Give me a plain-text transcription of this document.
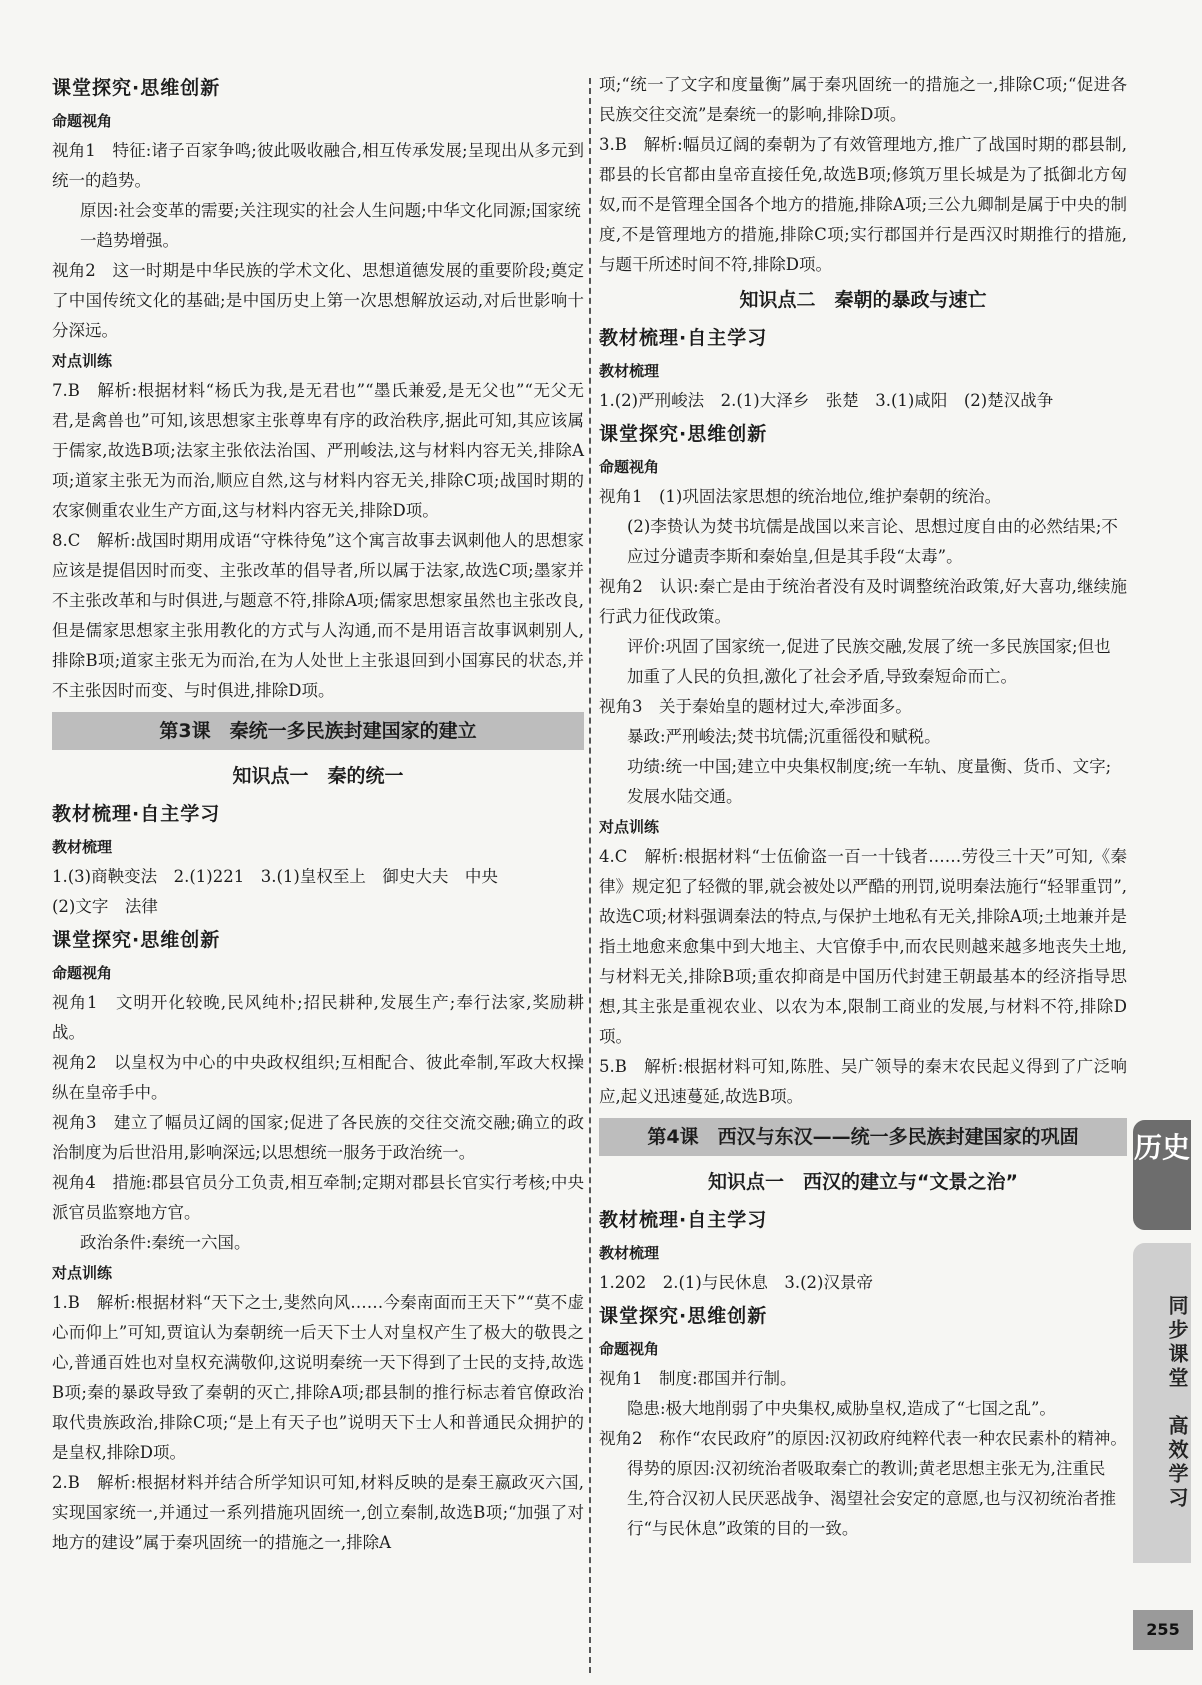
课堂探究·思维创新
命题视角
视角1　特征:诸子百家争鸣;彼此吸收融合,相互传承发展;呈现出从多元到统一的趋势。
原因:社会变革的需要;关注现实的社会人生问题;中华文化同源;国家统一趋势增强。
视角2　这一时期是中华民族的学术文化、思想道德发展的重要阶段;奠定了中国传统文化的基础;是中国历史上第一次思想解放运动,对后世影响十分深远。
对点训练
7.B　解析:根据材料“杨氏为我,是无君也”“墨氏兼爱,是无父也”“无父无君,是禽兽也”可知,该思想家主张尊卑有序的政治秩序,据此可知,其应该属于儒家,故选B项;法家主张依法治国、严刑峻法,这与材料内容无关,排除A项;道家主张无为而治,顺应自然,这与材料内容无关,排除C项;战国时期的农家侧重农业生产方面,这与材料内容无关,排除D项。
8.C　解析:战国时期用成语“守株待兔”这个寓言故事去讽刺他人的思想家应该是提倡因时而变、主张改革的倡导者,所以属于法家,故选C项;墨家并不主张改革和与时俱进,与题意不符,排除A项;儒家思想家虽然也主张改良,但是儒家思想家主张用教化的方式与人沟通,而不是用语言故事讽刺别人,排除B项;道家主张无为而治,在为人处世上主张退回到小国寡民的状态,并不主张因时而变、与时俱进,排除D项。
第3课　秦统一多民族封建国家的建立
知识点一　秦的统一
教材梳理·自主学习
教材梳理
1.(3)商鞅变法　2.(1)221　3.(1)皇权至上　御史大夫　中央
(2)文字　法律
课堂探究·思维创新
命题视角
视角1　文明开化较晚,民风纯朴;招民耕种,发展生产;奉行法家,奖励耕战。
视角2　以皇权为中心的中央政权组织;互相配合、彼此牵制,军政大权操纵在皇帝手中。
视角3　建立了幅员辽阔的国家;促进了各民族的交往交流交融;确立的政治制度为后世沿用,影响深远;以思想统一服务于政治统一。
视角4　措施:郡县官员分工负责,相互牵制;定期对郡县长官实行考核;中央派官员监察地方官。
政治条件:秦统一六国。
对点训练
1.B　解析:根据材料“天下之士,斐然向风……今秦南面而王天下”“莫不虚心而仰上”可知,贾谊认为秦朝统一后天下士人对皇权产生了极大的敬畏之心,普通百姓也对皇权充满敬仰,这说明秦统一天下得到了士民的支持,故选B项;秦的暴政导致了秦朝的灭亡,排除A项;郡县制的推行标志着官僚政治取代贵族政治,排除C项;“是上有天子也”说明天下士人和普通民众拥护的是皇权,排除D项。
2.B　解析:根据材料并结合所学知识可知,材料反映的是秦王嬴政灭六国,实现国家统一,并通过一系列措施巩固统一,创立秦制,故选B项;“加强了对地方的建设”属于秦巩固统一的措施之一,排除A
项;“统一了文字和度量衡”属于秦巩固统一的措施之一,排除C项;“促进各民族交往交流”是秦统一的影响,排除D项。
3.B　解析:幅员辽阔的秦朝为了有效管理地方,推广了战国时期的郡县制,郡县的长官都由皇帝直接任免,故选B项;修筑万里长城是为了抵御北方匈奴,而不是管理全国各个地方的措施,排除A项;三公九卿制是属于中央的制度,不是管理地方的措施,排除C项;实行郡国并行是西汉时期推行的措施,与题干所述时间不符,排除D项。
知识点二　秦朝的暴政与速亡
教材梳理·自主学习
教材梳理
1.(2)严刑峻法　2.(1)大泽乡　张楚　3.(1)咸阳　(2)楚汉战争
课堂探究·思维创新
命题视角
视角1　(1)巩固法家思想的统治地位,维护秦朝的统治。
(2)李贽认为焚书坑儒是战国以来言论、思想过度自由的必然结果;不应过分谴责李斯和秦始皇,但是其手段“太毒”。
视角2　认识:秦亡是由于统治者没有及时调整统治政策,好大喜功,继续施行武力征伐政策。
评价:巩固了国家统一,促进了民族交融,发展了统一多民族国家;但也加重了人民的负担,激化了社会矛盾,导致秦短命而亡。
视角3　关于秦始皇的题材过大,牵涉面多。
暴政:严刑峻法;焚书坑儒;沉重徭役和赋税。
功绩:统一中国;建立中央集权制度;统一车轨、度量衡、货币、文字;发展水陆交通。
对点训练
4.C　解析:根据材料“士伍偷盗一百一十钱者……劳役三十天”可知,《秦律》规定犯了轻微的罪,就会被处以严酷的刑罚,说明秦法施行“轻罪重罚”,故选C项;材料强调秦法的特点,与保护土地私有无关,排除A项;土地兼并是指土地愈来愈集中到大地主、大官僚手中,而农民则越来越多地丧失土地,与材料无关,排除B项;重农抑商是中国历代封建王朝最基本的经济指导思想,其主张是重视农业、以农为本,限制工商业的发展,与材料不符,排除D项。
5.B　解析:根据材料可知,陈胜、吴广领导的秦末农民起义得到了广泛响应,起义迅速蔓延,故选B项。
第4课　西汉与东汉——统一多民族封建国家的巩固
知识点一　西汉的建立与“文景之治”
教材梳理·自主学习
教材梳理
1.202　2.(1)与民休息　3.(2)汉景帝
课堂探究·思维创新
命题视角
视角1　制度:郡国并行制。
隐患:极大地削弱了中央集权,威胁皇权,造成了“七国之乱”。
视角2　称作“农民政府”的原因:汉初政府纯粹代表一种农民素朴的精神。
得势的原因:汉初统治者吸取秦亡的教训;黄老思想主张无为,注重民生,符合汉初人民厌恶战争、渴望社会安定的意愿,也与汉初统治者推行“与民休息”政策的目的一致。
历史
同步课堂　高效学习
255
